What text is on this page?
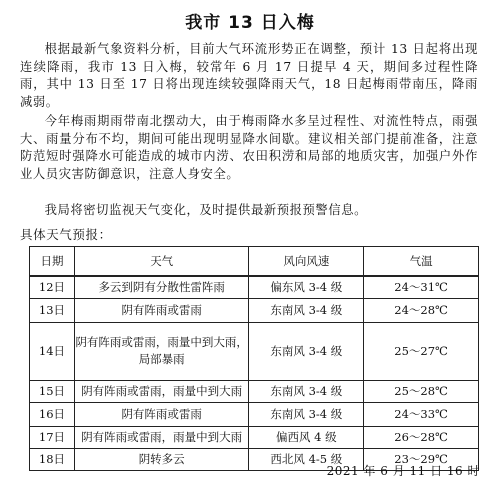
我市 13 日入梅
根据最新气象资料分析，目前大气环流形势正在调整，预计 13 日起将出现连续降雨，我市 13 日入梅，较常年 6 月 17 日提早 4 天，期间多过程性降雨，其中 13 日至 17 日将出现连续较强降雨天气，18 日起梅雨带南压，降雨减弱。
今年梅雨期雨带南北摆动大，由于梅雨降水多呈过程性、对流性特点，雨强大、雨量分布不均，期间可能出现明显降水间歇。建议相关部门提前准备，注意防范短时强降水可能造成的城市内涝、农田积涝和局部的地质灾害，加强户外作业人员灾害防御意识，注意人身安全。
我局将密切监视天气变化，及时提供最新预报预警信息。
具体天气预报：
日期	天气	风向风速	气温
12日	多云到阴有分散性雷阵雨	偏东风 3-4 级	24～31℃
13日	阴有阵雨或雷雨	东南风 3-4 级	24～28℃
14日	阴有阵雨或雷雨，雨量中到大雨，局部暴雨	东南风 3-4 级	25～27℃
15日	阴有阵雨或雷雨，雨量中到大雨	东南风 3-4 级	25～28℃
16日	阴有阵雨或雷雨	东南风 3-4 级	24～33℃
17日	阴有阵雨或雷雨，雨量中到大雨	偏西风 4 级	26～28℃
18日	阴转多云	西北风 4-5 级	23～29℃
2021 年 6 月 11 日 16 时
